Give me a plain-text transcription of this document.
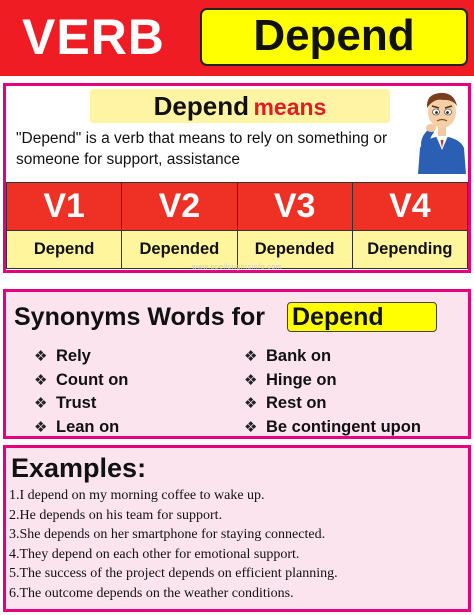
VERB	Depend
Depend means
"Depend" is a verb that means to rely on something or someone for support, assistance
V1	V2	V3	V4
Depend	Depended	Depended	Depending
www.spellsrightsinfo.com
Synonyms Words for Depend
❖ Rely
❖ Count on
❖ Trust
❖ Lean on
❖ Bank on
❖ Hinge on
❖ Rest on
❖ Be contingent upon
Examples:
1.I depend on my morning coffee to wake up.
2.He depends on his team for support.
3.She depends on her smartphone for staying connected.
4.They depend on each other for emotional support.
5.The success of the project depends on efficient planning.
6.The outcome depends on the weather conditions.
